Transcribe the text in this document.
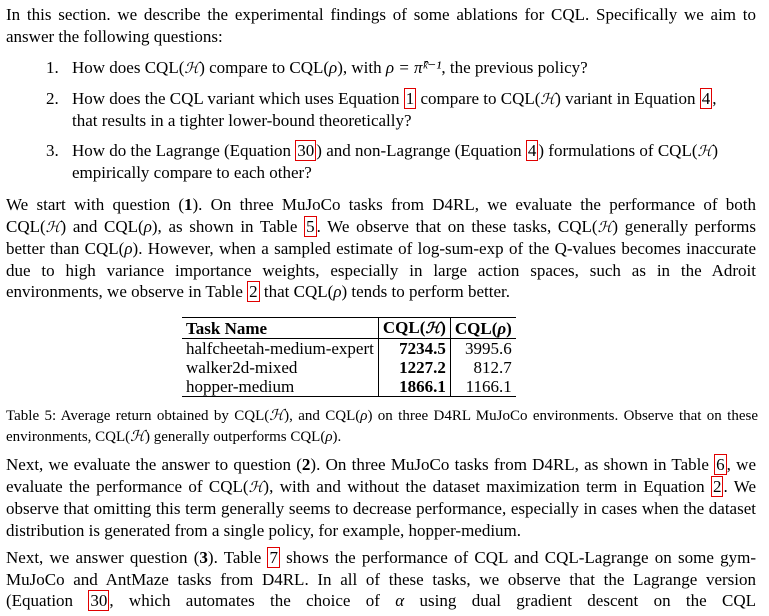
In this section. we describe the experimental findings of some ablations for CQL. Specifically we aim to answer the following questions:

1. How does CQL(ℋ) compare to CQL(ρ), with ρ = π̂ᵏ⁻¹, the previous policy?
2. How does the CQL variant which uses Equation 1 compare to CQL(ℋ) variant in Equation 4 ,
that results in a tighter lower-bound theoretically?
3. How do the Lagrange (Equation 30 ) and non-Lagrange (Equation 4 ) formulations of CQL(ℋ)
empirically compare to each other?

We start with question (1). On three MuJoCo tasks from D4RL, we evaluate the performance of both CQL(ℋ) and CQL(ρ), as shown in Table 5 . We observe that on these tasks, CQL(ℋ) generally performs better than CQL(ρ). However, when a sampled estimate of log-sum-exp of the Q-values becomes inaccurate due to high variance importance weights, especially in large action spaces, such as in the Adroit environments, we observe in Table 2 that CQL(ρ) tends to perform better.

Task Name	CQL(ℋ)	CQL(ρ)
halfcheetah-medium-expert	7234.5	3995.6
walker2d-mixed	1227.2	812.7
hopper-medium	1866.1	1166.1

Table 5: Average return obtained by CQL(ℋ), and CQL(ρ) on three D4RL MuJoCo environments. Observe that on these environments, CQL(ℋ) generally outperforms CQL(ρ).

Next, we evaluate the answer to question (2). On three MuJoCo tasks from D4RL, as shown in Table 6 , we evaluate the performance of CQL(ℋ), with and without the dataset maximization term in Equation 2 . We observe that omitting this term generally seems to decrease performance, especially in cases when the dataset distribution is generated from a single policy, for example, hopper-medium.

Next, we answer question (3). Table 7 shows the performance of CQL and CQL-Lagrange on some gym-MuJoCo and AntMaze tasks from D4RL. In all of these tasks, we observe that the Lagrange version (Equation 30 , which automates the choice of α using dual gradient descent on the CQL
